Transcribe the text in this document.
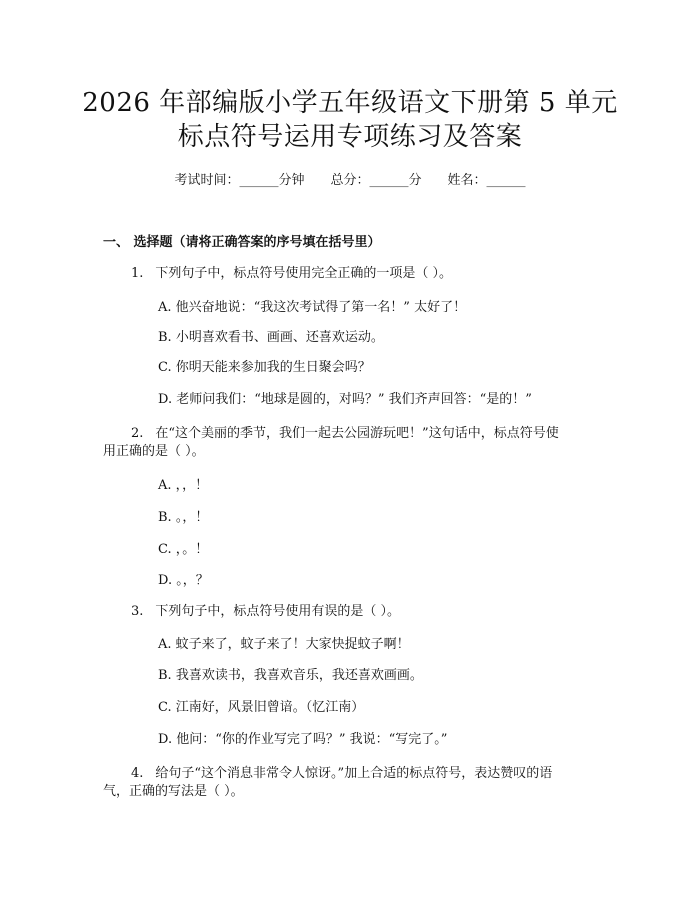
2026 年部编版小学五年级语文下册第 5 单元
标点符号运用专项练习及答案
考试时间：______分钟 总分：______分 姓名：______
一、 选择题（请将正确答案的序号填在括号里）
1. 下列句子中，标点符号使用完全正确的一项是（ ）。
A. 他兴奋地说：“我这次考试得了第一名！” 太好了！
B. 小明喜欢看书、画画、还喜欢运动。
C. 你明天能来参加我的生日聚会吗？
D. 老师问我们：“地球是圆的，对吗？” 我们齐声回答：“是的！”
2. 在“这个美丽的季节，我们一起去公园游玩吧！”这句话中，标点符号使
用正确的是（ ）。
A. ，，！
B. 。，！
C. ，。！
D. 。，？
3. 下列句子中，标点符号使用有误的是（ ）。
A. 蚊子来了，蚊子来了！大家快捉蚊子啊！
B. 我喜欢读书，我喜欢音乐，我还喜欢画画。
C. 江南好，风景旧曾谙。（忆江南）
D. 他问：“你的作业写完了吗？” 我说：“写完了。”
4. 给句子“这个消息非常令人惊讶。”加上合适的标点符号，表达赞叹的语
气，正确的写法是（ ）。
